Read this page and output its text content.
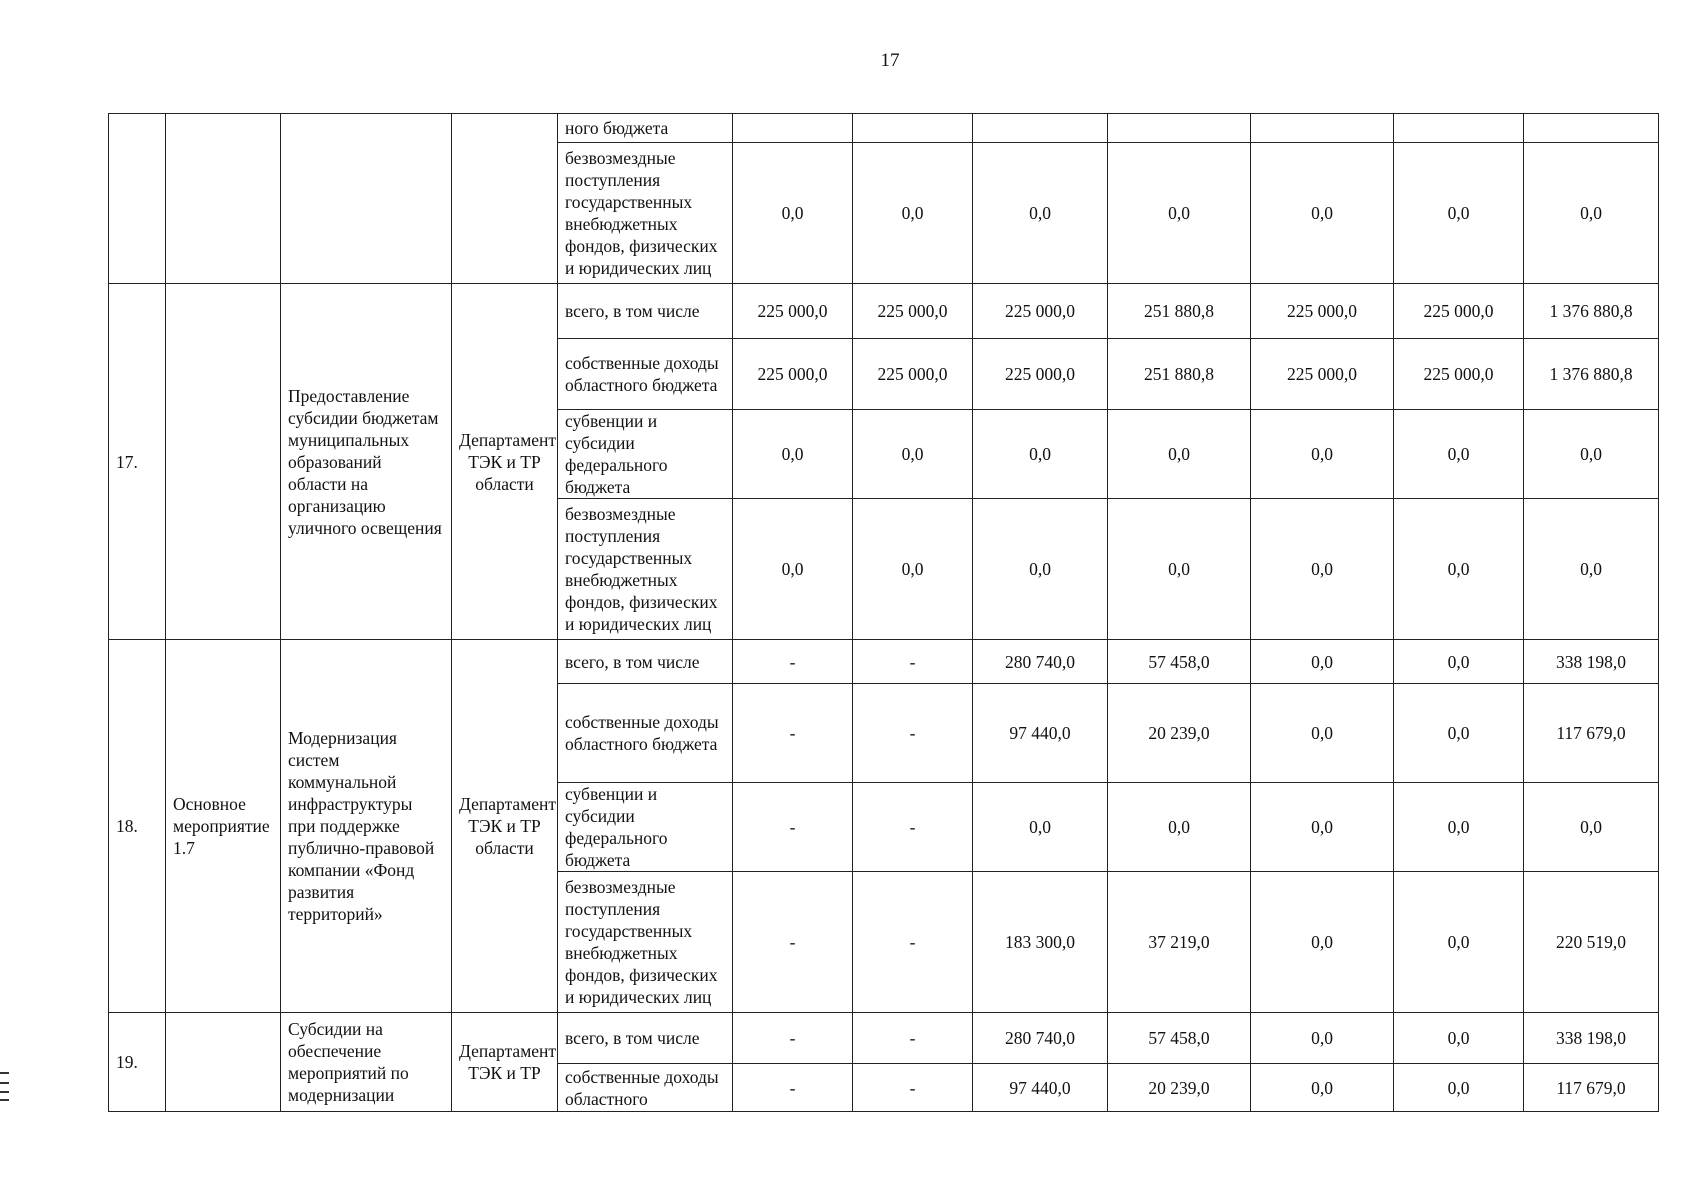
17
				ного бюджета							
				безвозмездные поступления государственных внебюджетных фондов, физических и юридических лиц	0,0	0,0	0,0	0,0	0,0	0,0	0,0
17.		Предоставление субсидии бюджетам муниципальных образований области на организацию уличного освещения	Департамент ТЭК и ТР области	всего, в том числе	225 000,0	225 000,0	225 000,0	251 880,8	225 000,0	225 000,0	1 376 880,8
				собственные доходы областного бюджета	225 000,0	225 000,0	225 000,0	251 880,8	225 000,0	225 000,0	1 376 880,8
				субвенции и субсидии федерального бюджета	0,0	0,0	0,0	0,0	0,0	0,0	0,0
				безвозмездные поступления государственных внебюджетных фондов, физических и юридических лиц	0,0	0,0	0,0	0,0	0,0	0,0	0,0
18.	Основное мероприятие 1.7	Модернизация систем коммунальной инфраструктуры при поддержке публично-правовой компании «Фонд развития территорий»	Департамент ТЭК и ТР области	всего, в том числе	-	-	280 740,0	57 458,0	0,0	0,0	338 198,0
				собственные доходы областного бюджета	-	-	97 440,0	20 239,0	0,0	0,0	117 679,0
				субвенции и субсидии федерального бюджета	-	-	0,0	0,0	0,0	0,0	0,0
				безвозмездные поступления государственных внебюджетных фондов, физических и юридических лиц	-	-	183 300,0	37 219,0	0,0	0,0	220 519,0
19.		Субсидии на обеспечение мероприятий по модернизации	Департамент ТЭК и ТР	всего, в том числе	-	-	280 740,0	57 458,0	0,0	0,0	338 198,0
				собственные доходы областного	-	-	97 440,0	20 239,0	0,0	0,0	117 679,0
